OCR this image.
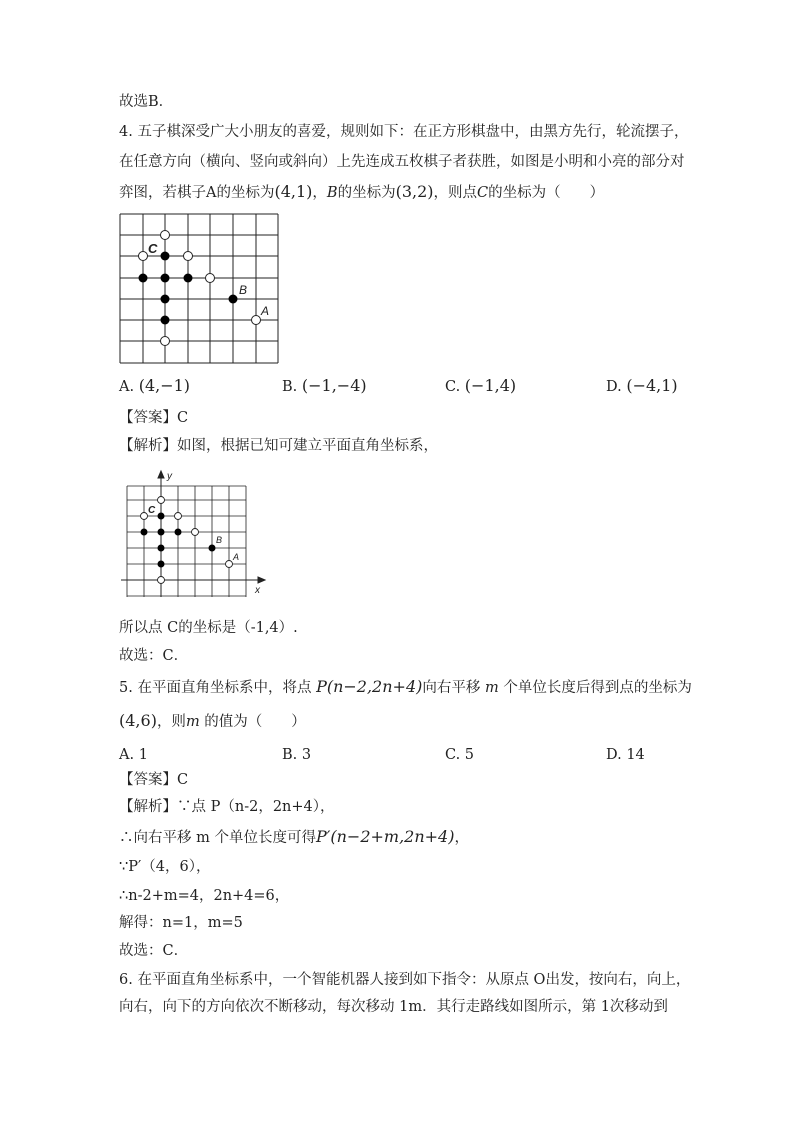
故选B．
4. 五子棋深受广大小朋友的喜爱，规则如下：在正方形棋盘中，由黑方先行，轮流摆子，
在任意方向（横向、竖向或斜向）上先连成五枚棋子者获胜，如图是小明和小亮的部分对
弈图，若棋子A的坐标为(4,1)，B的坐标为(3,2)，则点C的坐标为（　　）
C
B
A
A. (4,−1)	B. (−1,−4)	C. (−1,4)	D. (−4,1)
【答案】C
【解析】如图，根据已知可建立平面直角坐标系，
y
x
C
B
A
所以点 C的坐标是（-1,4）.
故选：C．
5. 在平面直角坐标系中，将点 P(n−2,2n+4)向右平移 m 个单位长度后得到点的坐标为
(4,6)，则m 的值为（　　）
A. 1	B. 3	C. 5	D. 14
【答案】C
【解析】∵点 P（n-2，2n+4），
∴向右平移 m 个单位长度可得P′(n−2+m,2n+4)，
∵P′（4，6），
∴n-2+m=4，2n+4=6，
解得：n=1，m=5
故选：C．
6. 在平面直角坐标系中，一个智能机器人接到如下指令：从原点 O出发，按向右，向上，
向右，向下的方向依次不断移动，每次移动 1m．其行走路线如图所示，第 1次移动到
